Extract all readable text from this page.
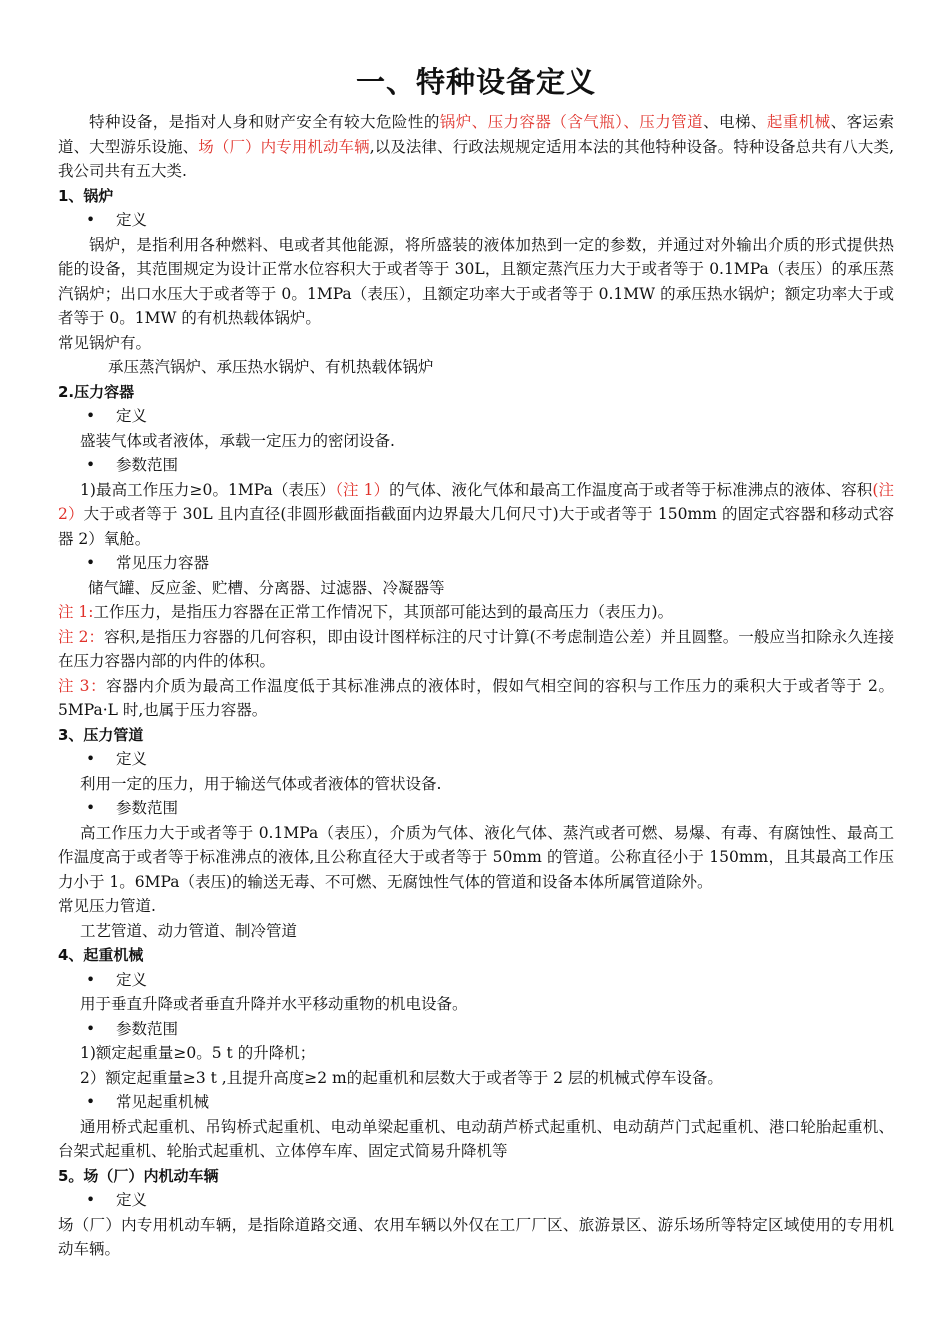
一、特种设备定义

特种设备，是指对人身和财产安全有较大危险性的锅炉、压力容器（含气瓶）、压力管道、电梯、起重机械、客运索道、大型游乐设施、场（厂）内专用机动车辆,以及法律、行政法规规定适用本法的其他特种设备。特种设备总共有八大类,我公司共有五大类.

1、锅炉

• 定义

锅炉，是指利用各种燃料、电或者其他能源，将所盛装的液体加热到一定的参数，并通过对外输出介质的形式提供热能的设备，其范围规定为设计正常水位容积大于或者等于 30L，且额定蒸汽压力大于或者等于 0.1MPa（表压）的承压蒸汽锅炉；出口水压大于或者等于 0。1MPa（表压），且额定功率大于或者等于 0.1MW 的承压热水锅炉；额定功率大于或者等于 0。1MW 的有机热载体锅炉。

常见锅炉有。

承压蒸汽锅炉、承压热水锅炉、有机热载体锅炉

2.压力容器

• 定义

盛装气体或者液体，承载一定压力的密闭设备.

• 参数范围

1)最高工作压力≥0。1MPa（表压）（注 1）的气体、液化气体和最高工作温度高于或者等于标准沸点的液体、容积(注 2）大于或者等于 30L 且内直径(非圆形截面指截面内边界最大几何尺寸)大于或者等于 150mm 的固定式容器和移动式容器 2）氧舱。

• 常见压力容器

储气罐、反应釜、贮槽、分离器、过滤器、冷凝器等

注 1:工作压力，是指压力容器在正常工作情况下，其顶部可能达到的最高压力（表压力)。

注 2：容积,是指压力容器的几何容积，即由设计图样标注的尺寸计算(不考虑制造公差）并且圆整。一般应当扣除永久连接在压力容器内部的内件的体积。

注 3：容器内介质为最高工作温度低于其标准沸点的液体时，假如气相空间的容积与工作压力的乘积大于或者等于 2。5MPa·L 时,也属于压力容器。

3、压力管道

• 定义

利用一定的压力，用于输送气体或者液体的管状设备.

• 参数范围

高工作压力大于或者等于 0.1MPa（表压），介质为气体、液化气体、蒸汽或者可燃、易爆、有毒、有腐蚀性、最高工作温度高于或者等于标准沸点的液体,且公称直径大于或者等于 50mm 的管道。公称直径小于 150mm，且其最高工作压力小于 1。6MPa（表压)的输送无毒、不可燃、无腐蚀性气体的管道和设备本体所属管道除外。

常见压力管道.

工艺管道、动力管道、制冷管道

4、起重机械

• 定义

用于垂直升降或者垂直升降并水平移动重物的机电设备。

• 参数范围

1)额定起重量≥0。5 t 的升降机；

2）额定起重量≥3 t ,且提升高度≥2 m的起重机和层数大于或者等于 2 层的机械式停车设备。

• 常见起重机械

通用桥式起重机、吊钩桥式起重机、电动单梁起重机、电动葫芦桥式起重机、电动葫芦门式起重机、港口轮胎起重机、台架式起重机、轮胎式起重机、立体停车库、固定式简易升降机等

5。场（厂）内机动车辆

• 定义

场（厂）内专用机动车辆，是指除道路交通、农用车辆以外仅在工厂厂区、旅游景区、游乐场所等特定区域使用的专用机动车辆。
